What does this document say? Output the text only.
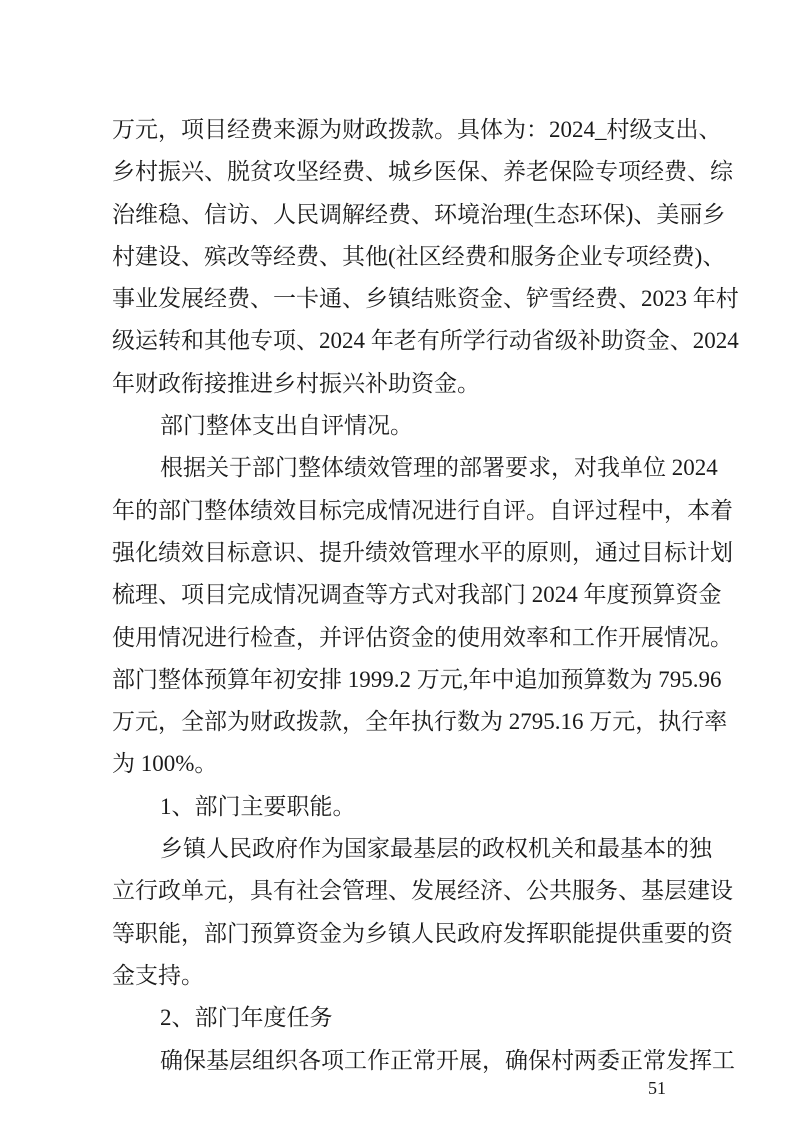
万元，项目经费来源为财政拨款。具体为：2024_村级支出、
乡村振兴、脱贫攻坚经费、城乡医保、养老保险专项经费、综
治维稳、信访、人民调解经费、环境治理(生态环保)、美丽乡
村建设、殡改等经费、其他(社区经费和服务企业专项经费)、
事业发展经费、一卡通、乡镇结账资金、铲雪经费、2023 年村
级运转和其他专项、2024 年老有所学行动省级补助资金、2024
年财政衔接推进乡村振兴补助资金。
部门整体支出自评情况。
根据关于部门整体绩效管理的部署要求，对我单位 2024
年的部门整体绩效目标完成情况进行自评。自评过程中，本着
强化绩效目标意识、提升绩效管理水平的原则，通过目标计划
梳理、项目完成情况调查等方式对我部门 2024 年度预算资金
使用情况进行检查，并评估资金的使用效率和工作开展情况。
部门整体预算年初安排 1999.2 万元,年中追加预算数为 795.96
万元，全部为财政拨款，全年执行数为 2795.16 万元，执行率
为 100%。
1、部门主要职能。
乡镇人民政府作为国家最基层的政权机关和最基本的独
立行政单元，具有社会管理、发展经济、公共服务、基层建设
等职能，部门预算资金为乡镇人民政府发挥职能提供重要的资
金支持。
2、部门年度任务
确保基层组织各项工作正常开展，确保村两委正常发挥工
51
